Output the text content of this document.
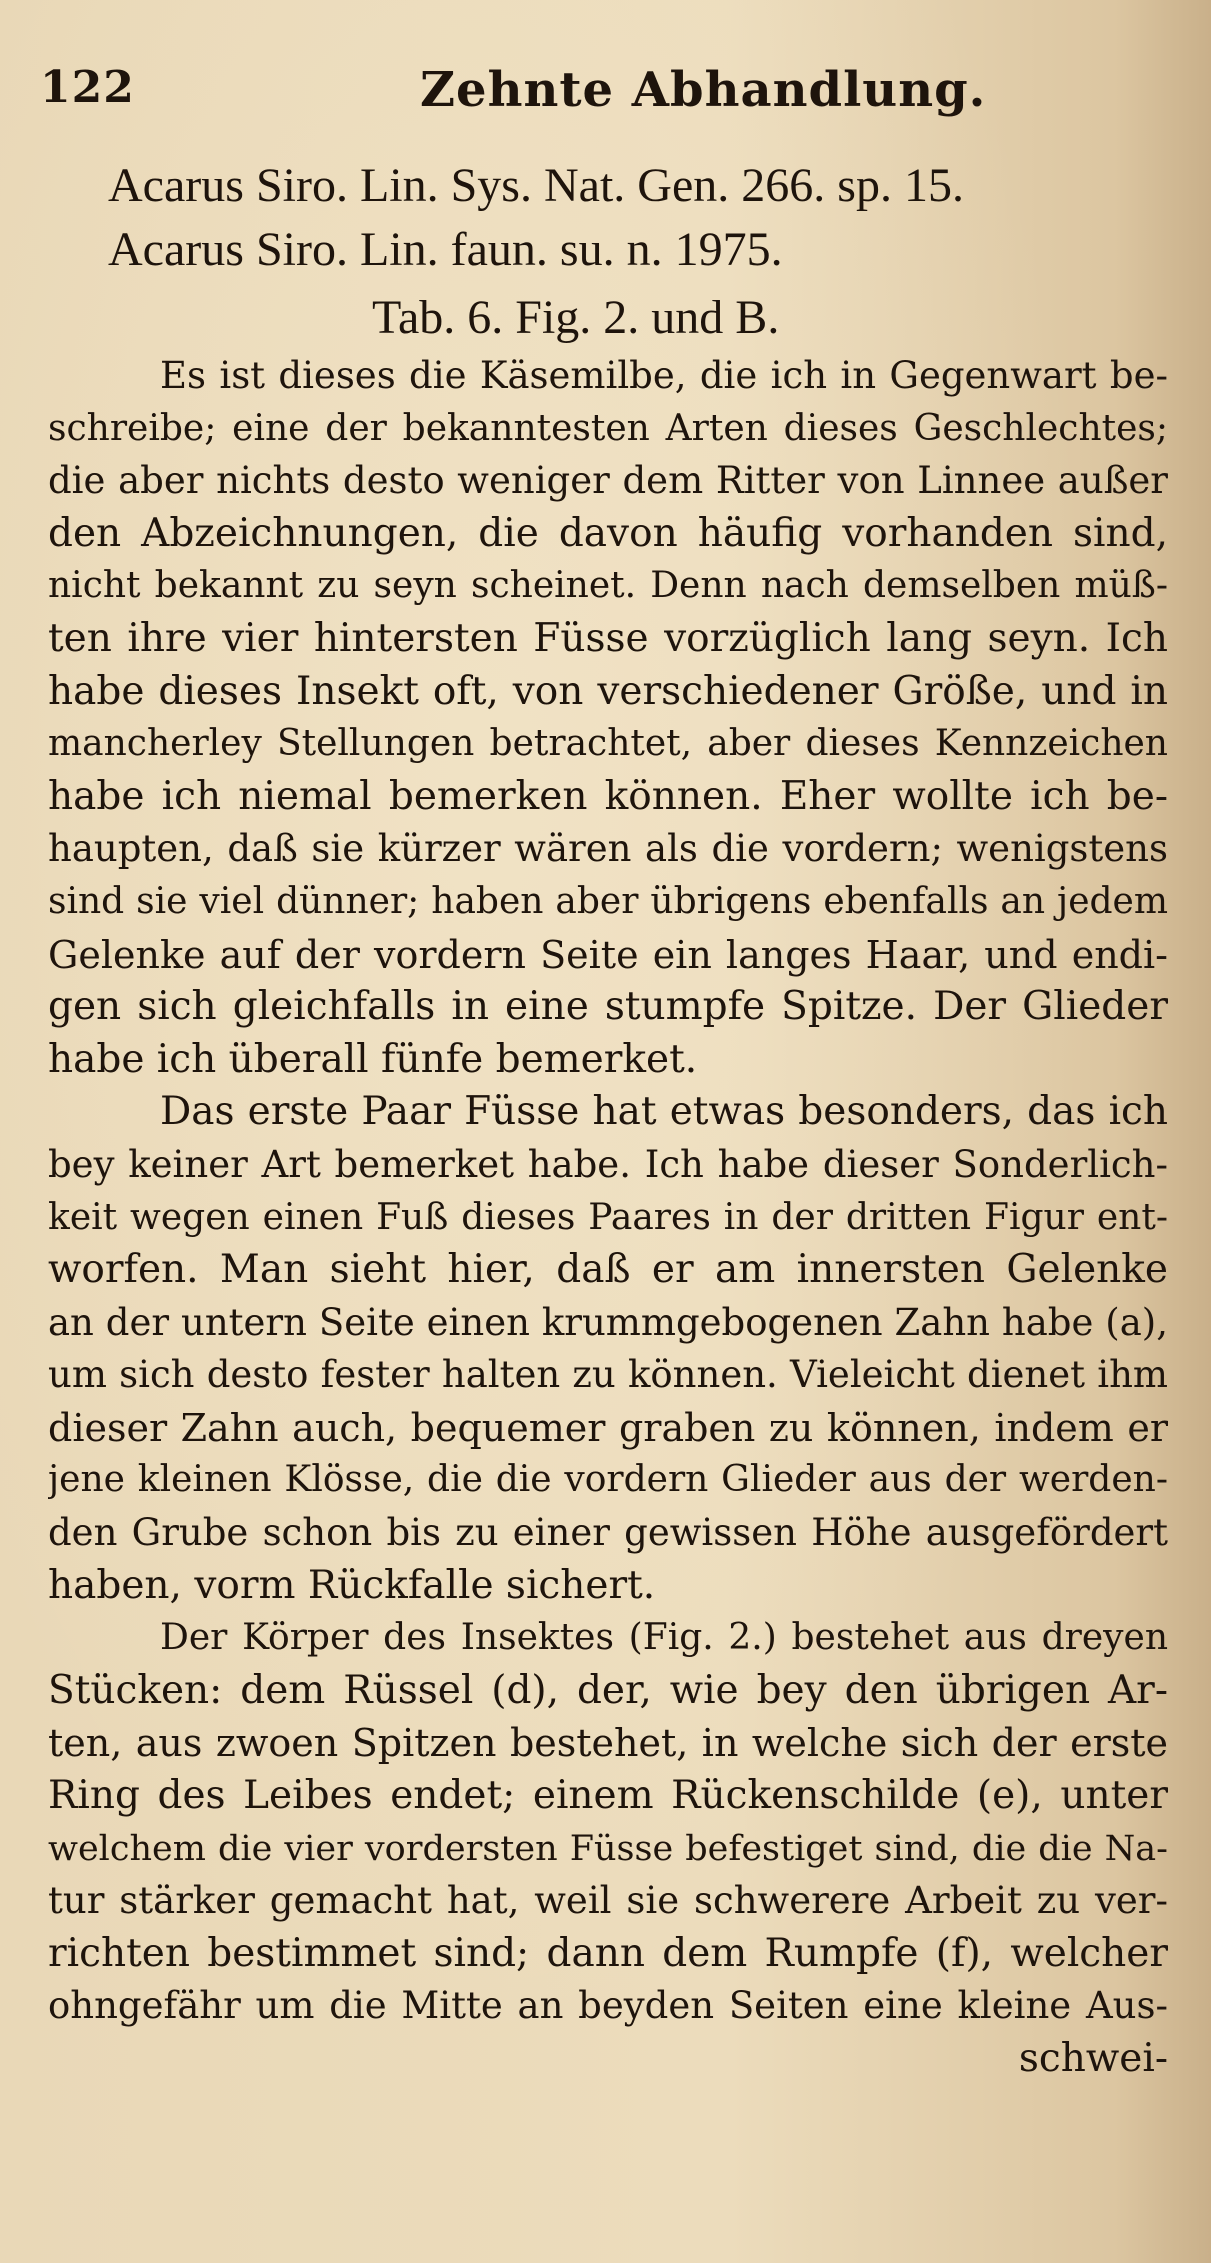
122	Zehnte Abhandlung.
Acarus Siro. Lin. Sys. Nat. Gen. 266. sp. 15.
Acarus Siro. Lin. faun. su. n. 1975.
Tab. 6. Fig. 2. und B.
Es ist dieses die Käsemilbe, die ich in Gegenwart be-
schreibe; eine der bekanntesten Arten dieses Geschlechtes;
die aber nichts desto weniger dem Ritter von Linnee außer
den Abzeichnungen, die davon häufig vorhanden sind,
nicht bekannt zu seyn scheinet. Denn nach demselben müß-
ten ihre vier hintersten Füsse vorzüglich lang seyn. Ich
habe dieses Insekt oft, von verschiedener Größe, und in
mancherley Stellungen betrachtet, aber dieses Kennzeichen
habe ich niemal bemerken können. Eher wollte ich be-
haupten, daß sie kürzer wären als die vordern; wenigstens
sind sie viel dünner; haben aber übrigens ebenfalls an jedem
Gelenke auf der vordern Seite ein langes Haar, und endi-
gen sich gleichfalls in eine stumpfe Spitze. Der Glieder
habe ich überall fünfe bemerket.
Das erste Paar Füsse hat etwas besonders, das ich
bey keiner Art bemerket habe. Ich habe dieser Sonderlich-
keit wegen einen Fuß dieses Paares in der dritten Figur ent-
worfen. Man sieht hier, daß er am innersten Gelenke
an der untern Seite einen krummgebogenen Zahn habe (a),
um sich desto fester halten zu können. Vieleicht dienet ihm
dieser Zahn auch, bequemer graben zu können, indem er
jene kleinen Klösse, die die vordern Glieder aus der werden-
den Grube schon bis zu einer gewissen Höhe ausgefördert
haben, vorm Rückfalle sichert.
Der Körper des Insektes (Fig. 2.) bestehet aus dreyen
Stücken: dem Rüssel (d), der, wie bey den übrigen Ar-
ten, aus zwoen Spitzen bestehet, in welche sich der erste
Ring des Leibes endet; einem Rückenschilde (e), unter
welchem die vier vordersten Füsse befestiget sind, die die Na-
tur stärker gemacht hat, weil sie schwerere Arbeit zu ver-
richten bestimmet sind; dann dem Rumpfe (f), welcher
ohngefähr um die Mitte an beyden Seiten eine kleine Aus-
schwei-
